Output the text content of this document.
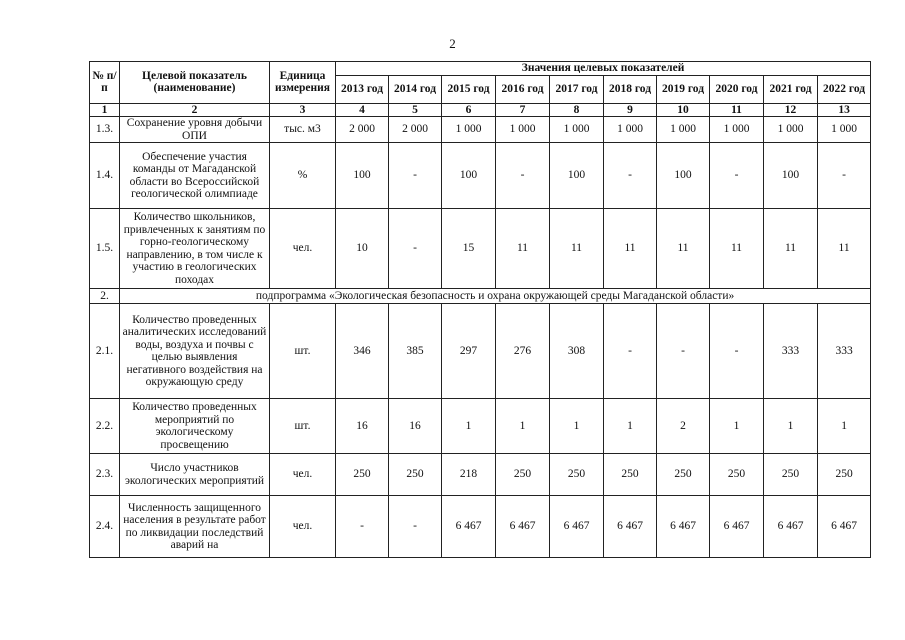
2
№ п/п	Целевой показатель (наименование)	Единица измерения	Значения целевых показателей									
			2013 год	2014 год	2015 год	2016 год	2017 год	2018 год	2019 год	2020 год	2021 год	2022 год
1	2	3	4	5	6	7	8	9	10	11	12	13
1.3.	Сохранение уровня добычи ОПИ	тыс. м3	2 000	2 000	1 000	1 000	1 000	1 000	1 000	1 000	1 000	1 000
1.4.	Обеспечение участия команды от Магаданской области во Всероссийской геологической олимпиаде	%	100	-	100	-	100	-	100	-	100	-
1.5.	Количество школьников, привлеченных к занятиям по горно-геологическому направлению, в том числе к участию в геологических походах	чел.	10	-	15	11	11	11	11	11	11	11
2.	подпрограмма «Экологическая безопасность и охрана окружающей среды Магаданской области»											
2.1.	Количество проведенных аналитических исследований воды, воздуха и почвы с целью выявления негативного воздействия на окружающую среду	шт.	346	385	297	276	308	-	-	-	333	333
2.2.	Количество проведенных мероприятий по экологическому просвещению	шт.	16	16	1	1	1	1	2	1	1	1
2.3.	Число участников экологических мероприятий	чел.	250	250	218	250	250	250	250	250	250	250
2.4.	Численность защищенного населения в результате работ по ликвидации последствий аварий на	чел.	-	-	6 467	6 467	6 467	6 467	6 467	6 467	6 467	6 467
